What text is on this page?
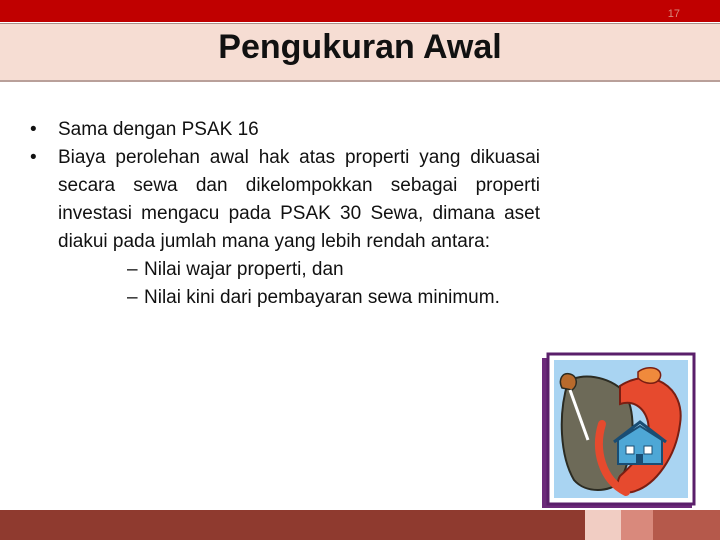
Pengukuran Awal
• Sama dengan PSAK 16
• Biaya perolehan awal hak atas properti yang dikuasai secara sewa dan dikelompokkan sebagai properti investasi mengacu pada PSAK 30 Sewa, dimana aset diakui pada jumlah mana yang lebih rendah antara:
– Nilai wajar properti, dan
– Nilai kini dari pembayaran sewa minimum.
17
